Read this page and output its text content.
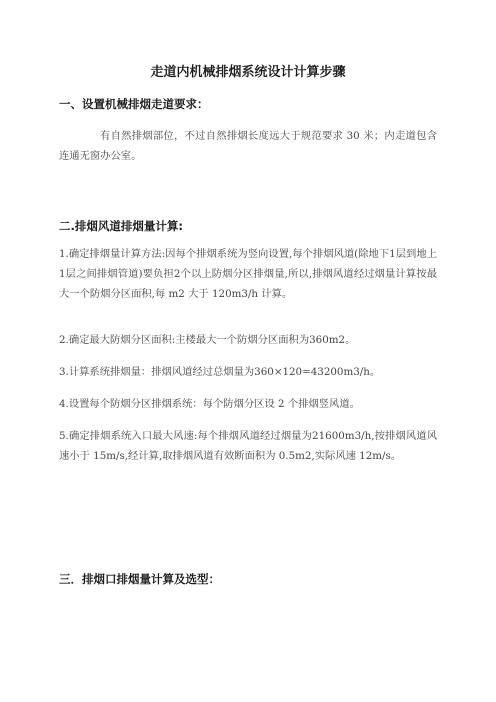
走道内机械排烟系统设计计算步骤
一、设置机械排烟走道要求：
有自然排烟部位，不过自然排烟长度远大于规范要求 30 米；内走道包含连通无窗办公室。
二.排烟风道排烟量计算:
1.确定排烟量计算方法:因每个排烟系统为竖向设置,每个排烟风道(除地下1层到地上1层之间排烟管道)要负担2个以上防烟分区排烟量,所以,排烟风道经过烟量计算按最大一个防烟分区面积,每 m2 大于 120m3/h 计算。
2.确定最大防烟分区面积:主楼最大一个防烟分区面积为360m2。
3.计算系统排烟量：排烟风道经过总烟量为360×120=43200m3/h。
4.设置每个防烟分区排烟系统：每个防烟分区设 2 个排烟竖风道。
5.确定排烟系统入口最大风速:每个排烟风道经过烟量为21600m3/h,按排烟风道风速小于 15m/s,经计算,取排烟风道有效断面积为 0.5m2,实际风速 12m/s。
三．排烟口排烟量计算及选型：
